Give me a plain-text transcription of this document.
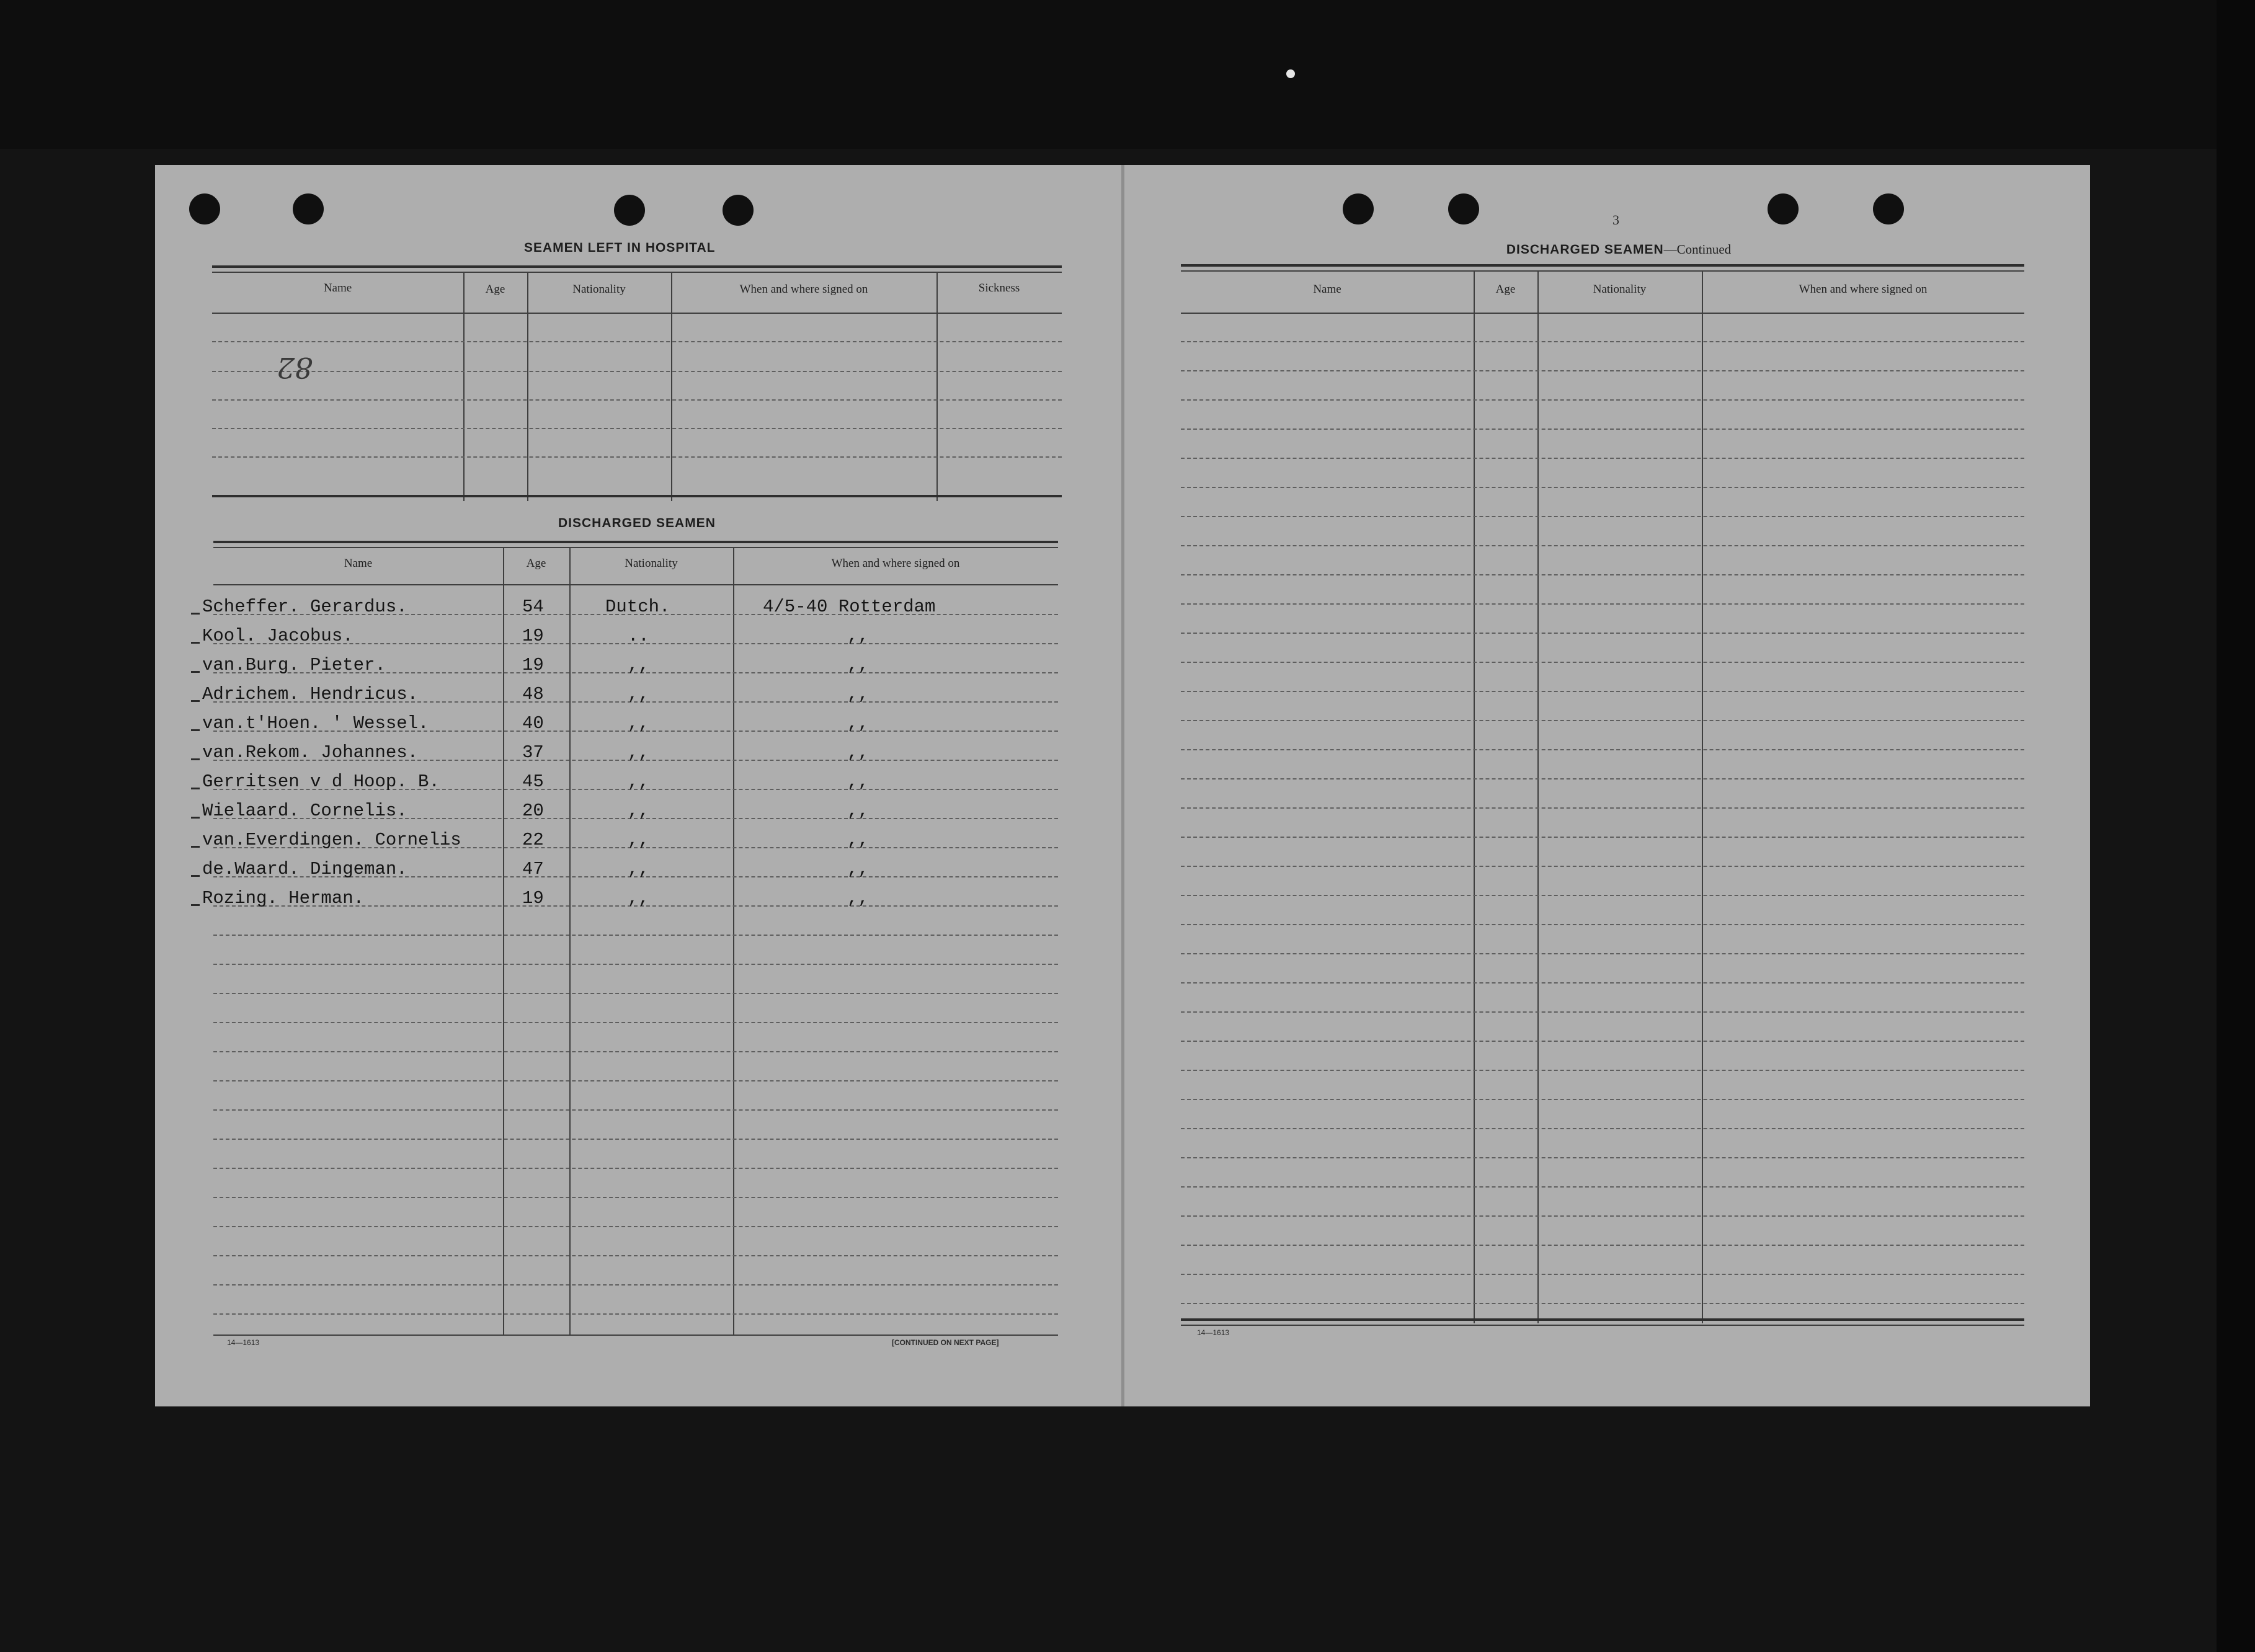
SEAMEN LEFT IN HOSPITAL
Name	Age	Nationality	When and where signed on	Sickness
82
DISCHARGED SEAMEN
Name	Age	Nationality	When and where signed on
Scheffer. Gerardus.	54	Dutch.	4/5-40 Rotterdam
Kool. Jacobus.	19	..	,,
van.Burg. Pieter.	19	,,	,,
Adrichem. Hendricus.	48	,,	,,
van.t'Hoen. ' Wessel.	40	,,	,,
van.Rekom. Johannes.	37	,,	,,
Gerritsen v d Hoop. B.	45	,,	,,
Wielaard. Cornelis.	20	,,	,,
van.Everdingen. Cornelis	22	,,	,,
de.Waard. Dingeman.	47	,,	,,
Rozing. Herman.	19	,,	,,
14—1613	[CONTINUED ON NEXT PAGE]
3
DISCHARGED SEAMEN—Continued
Name	Age	Nationality	When and where signed on
14—1613
